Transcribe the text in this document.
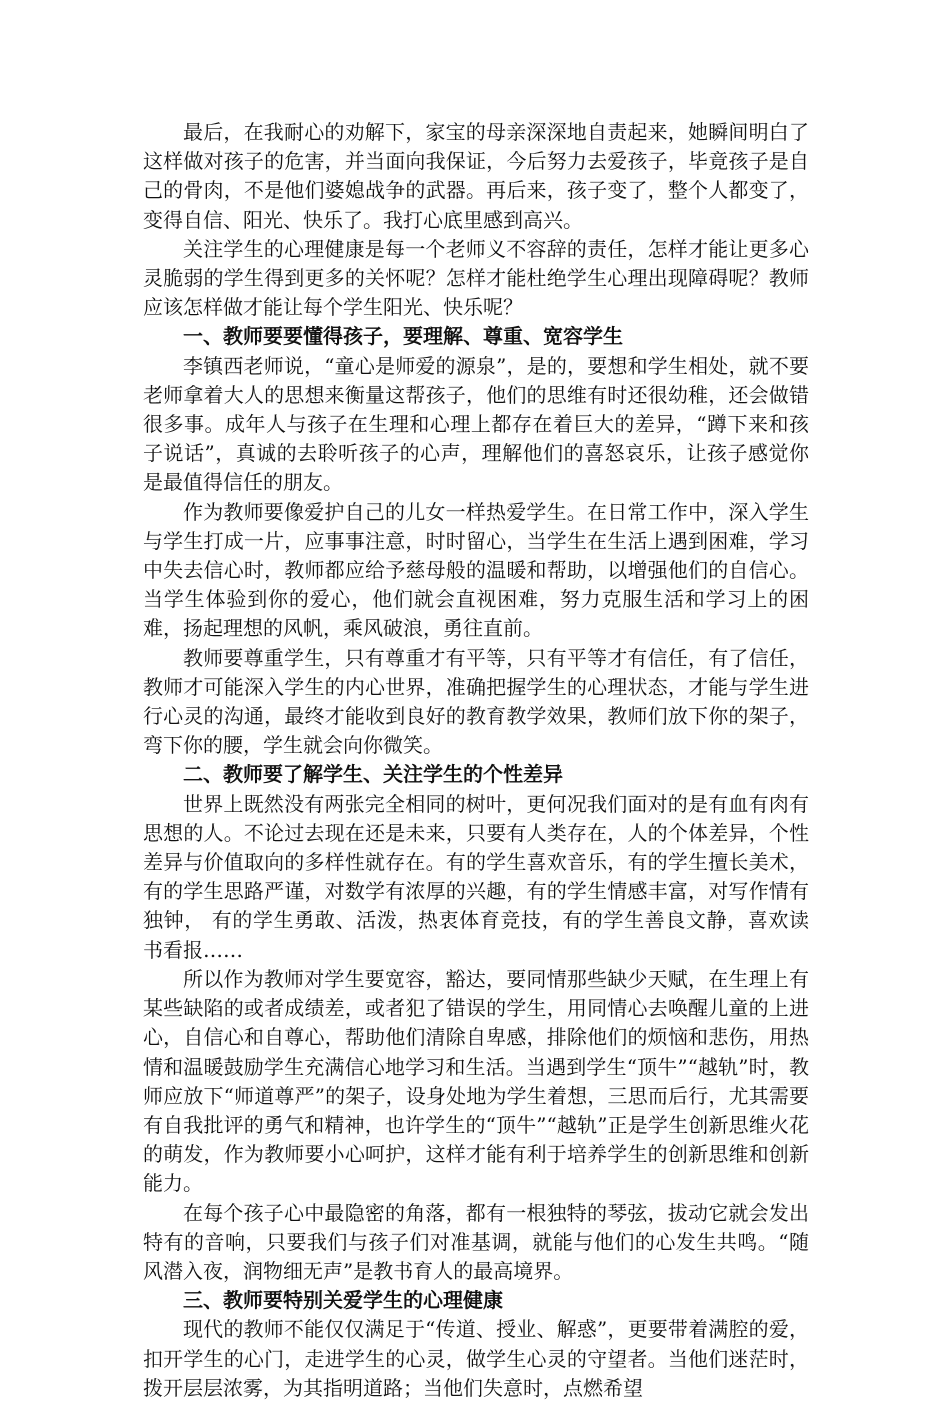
最后，在我耐心的劝解下，家宝的母亲深深地自责起来，她瞬间明白了这样做对孩子的危害，并当面向我保证，今后努力去爱孩子，毕竟孩子是自己的骨肉，不是他们婆媳战争的武器。再后来，孩子变了，整个人都变了，变得自信、阳光、快乐了。我打心底里感到高兴。

关注学生的心理健康是每一个老师义不容辞的责任，怎样才能让更多心灵脆弱的学生得到更多的关怀呢？怎样才能杜绝学生心理出现障碍呢？教师应该怎样做才能让每个学生阳光、快乐呢？

一、教师要要懂得孩子，要理解、尊重、宽容学生

李镇西老师说，“童心是师爱的源泉”，是的，要想和学生相处，就不要老师拿着大人的思想来衡量这帮孩子，他们的思维有时还很幼稚，还会做错很多事。成年人与孩子在生理和心理上都存在着巨大的差异，“蹲下来和孩子说话”，真诚的去聆听孩子的心声，理解他们的喜怒哀乐，让孩子感觉你是最值得信任的朋友。

作为教师要像爱护自己的儿女一样热爱学生。在日常工作中，深入学生与学生打成一片，应事事注意，时时留心，当学生在生活上遇到困难，学习中失去信心时，教师都应给予慈母般的温暖和帮助，以增强他们的自信心。当学生体验到你的爱心，他们就会直视困难，努力克服生活和学习上的困难，扬起理想的风帆，乘风破浪，勇往直前。

教师要尊重学生，只有尊重才有平等，只有平等才有信任，有了信任，教师才可能深入学生的内心世界，准确把握学生的心理状态，才能与学生进行心灵的沟通，最终才能收到良好的教育教学效果，教师们放下你的架子，弯下你的腰，学生就会向你微笑。

二、教师要了解学生、关注学生的个性差异

世界上既然没有两张完全相同的树叶，更何况我们面对的是有血有肉有思想的人。不论过去现在还是未来，只要有人类存在，人的个体差异，个性差异与价值取向的多样性就存在。有的学生喜欢音乐，有的学生擅长美术，有的学生思路严谨，对数学有浓厚的兴趣，有的学生情感丰富，对写作情有独钟， 有的学生勇敢、活泼，热衷体育竞技，有的学生善良文静，喜欢读书看报……

所以作为教师对学生要宽容，豁达，要同情那些缺少天赋，在生理上有某些缺陷的或者成绩差，或者犯了错误的学生，用同情心去唤醒儿童的上进心，自信心和自尊心，帮助他们清除自卑感，排除他们的烦恼和悲伤，用热情和温暖鼓励学生充满信心地学习和生活。当遇到学生“顶牛”“越轨”时，教师应放下“师道尊严”的架子，设身处地为学生着想，三思而后行，尤其需要有自我批评的勇气和精神，也许学生的“顶牛”“越轨”正是学生创新思维火花的萌发，作为教师要小心呵护，这样才能有利于培养学生的创新思维和创新能力。

在每个孩子心中最隐密的角落，都有一根独特的琴弦，拔动它就会发出特有的音响，只要我们与孩子们对准基调，就能与他们的心发生共鸣。“随风潜入夜，润物细无声”是教书育人的最高境界。

三、教师要特别关爱学生的心理健康

现代的教师不能仅仅满足于“传道、授业、解惑”，更要带着满腔的爱，扣开学生的心门，走进学生的心灵，做学生心灵的守望者。当他们迷茫时，拨开层层浓雾，为其指明道路；当他们失意时，点燃希望
